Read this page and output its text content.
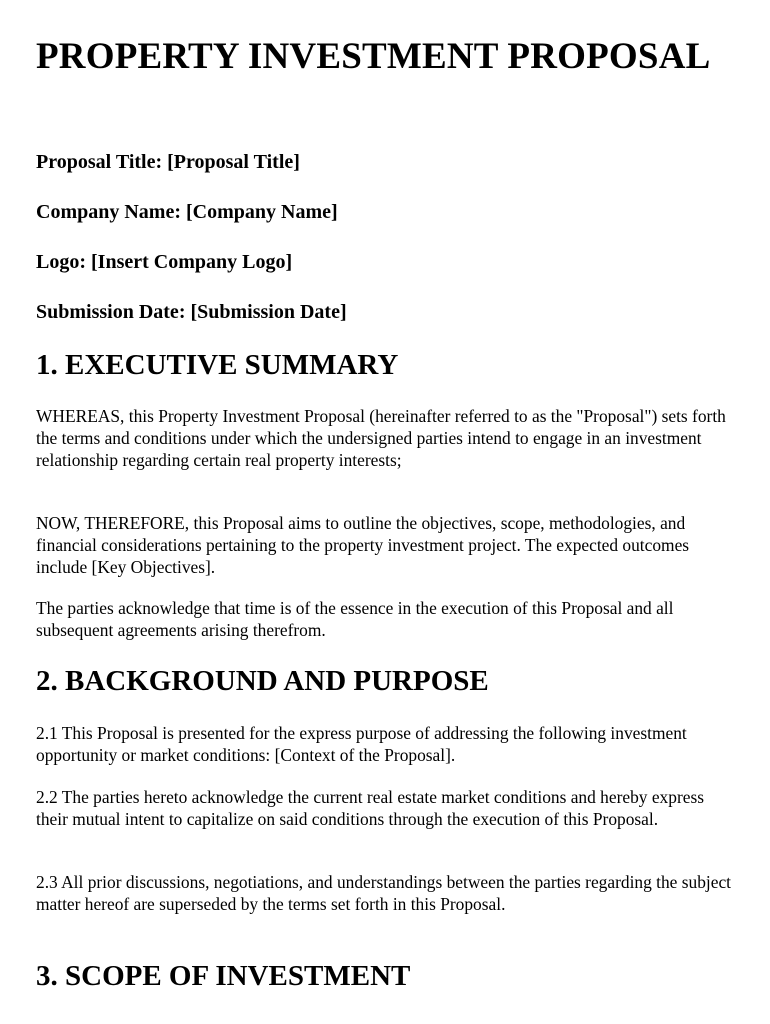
PROPERTY INVESTMENT PROPOSAL

Proposal Title: [Proposal Title]

Company Name: [Company Name]

Logo: [Insert Company Logo]

Submission Date: [Submission Date]

1. EXECUTIVE SUMMARY

WHEREAS, this Property Investment Proposal (hereinafter referred to as the "Proposal") sets forth the terms and conditions under which the undersigned parties intend to engage in an investment relationship regarding certain real property interests;

NOW, THEREFORE, this Proposal aims to outline the objectives, scope, methodologies, and financial considerations pertaining to the property investment project. The expected outcomes include [Key Objectives].

The parties acknowledge that time is of the essence in the execution of this Proposal and all subsequent agreements arising therefrom.

2. BACKGROUND AND PURPOSE

2.1 This Proposal is presented for the express purpose of addressing the following investment opportunity or market conditions: [Context of the Proposal].

2.2 The parties hereto acknowledge the current real estate market conditions and hereby express their mutual intent to capitalize on said conditions through the execution of this Proposal.

2.3 All prior discussions, negotiations, and understandings between the parties regarding the subject matter hereof are superseded by the terms set forth in this Proposal.

3. SCOPE OF INVESTMENT
